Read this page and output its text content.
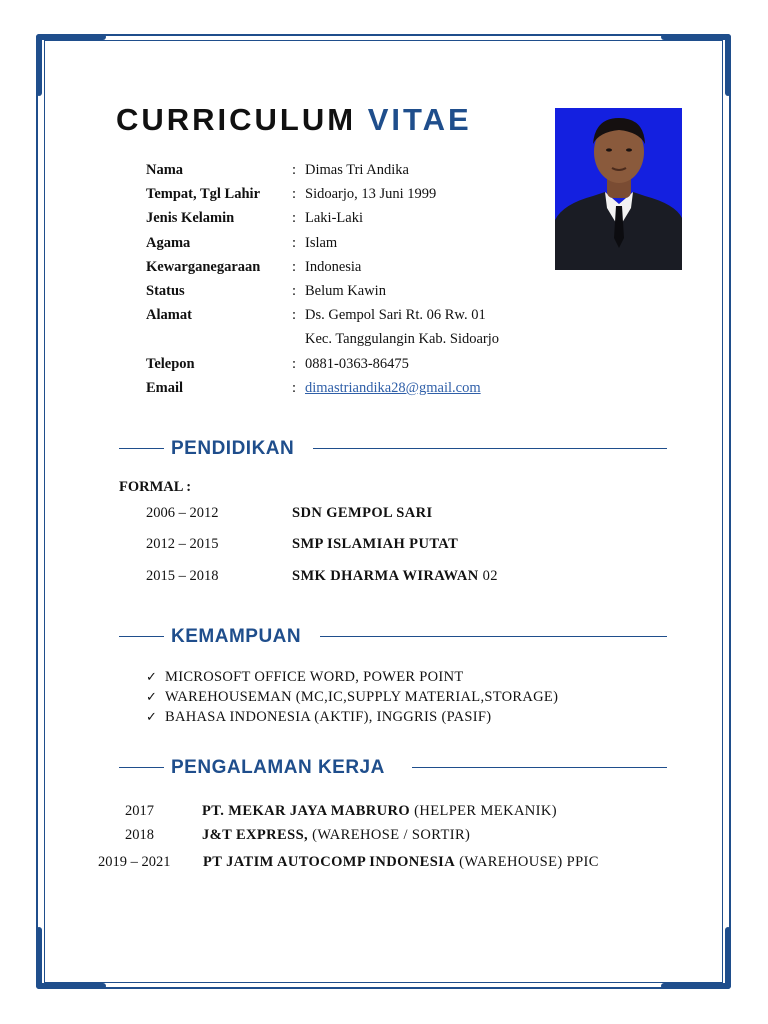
CURRICULUM VITAE
Nama	: Dimas Tri Andika
Tempat, Tgl Lahir : Sidoarjo, 13 Juni 1999
Jenis Kelamin	: Laki-Laki
Agama	: Islam
Kewarganegaraan : Indonesia
Status	: Belum Kawin
Alamat	: Ds. Gempol Sari Rt. 06 Rw. 01
Kec. Tanggulangin Kab. Sidoarjo
Telepon	: 0881-0363-86475
Email	: dimastriandika28@gmail.com
PENDIDIKAN
FORMAL :
2006 – 2012	SDN GEMPOL SARI
2012 – 2015	SMP ISLAMIAH PUTAT
2015 – 2018	SMK DHARMA WIRAWAN 02
KEMAMPUAN
✓ MICROSOFT OFFICE WORD, POWER POINT
✓ WAREHOUSEMAN (MC,IC,SUPPLY MATERIAL,STORAGE)
✓ BAHASA INDONESIA (AKTIF), INGGRIS (PASIF)
PENGALAMAN KERJA
2017	PT. MEKAR JAYA MABRURO (HELPER MEKANIK)
2018	J&T EXPRESS, (WAREHOSE / SORTIR)
2019 – 2021 PT JATIM AUTOCOMP INDONESIA (WAREHOUSE) PPIC
